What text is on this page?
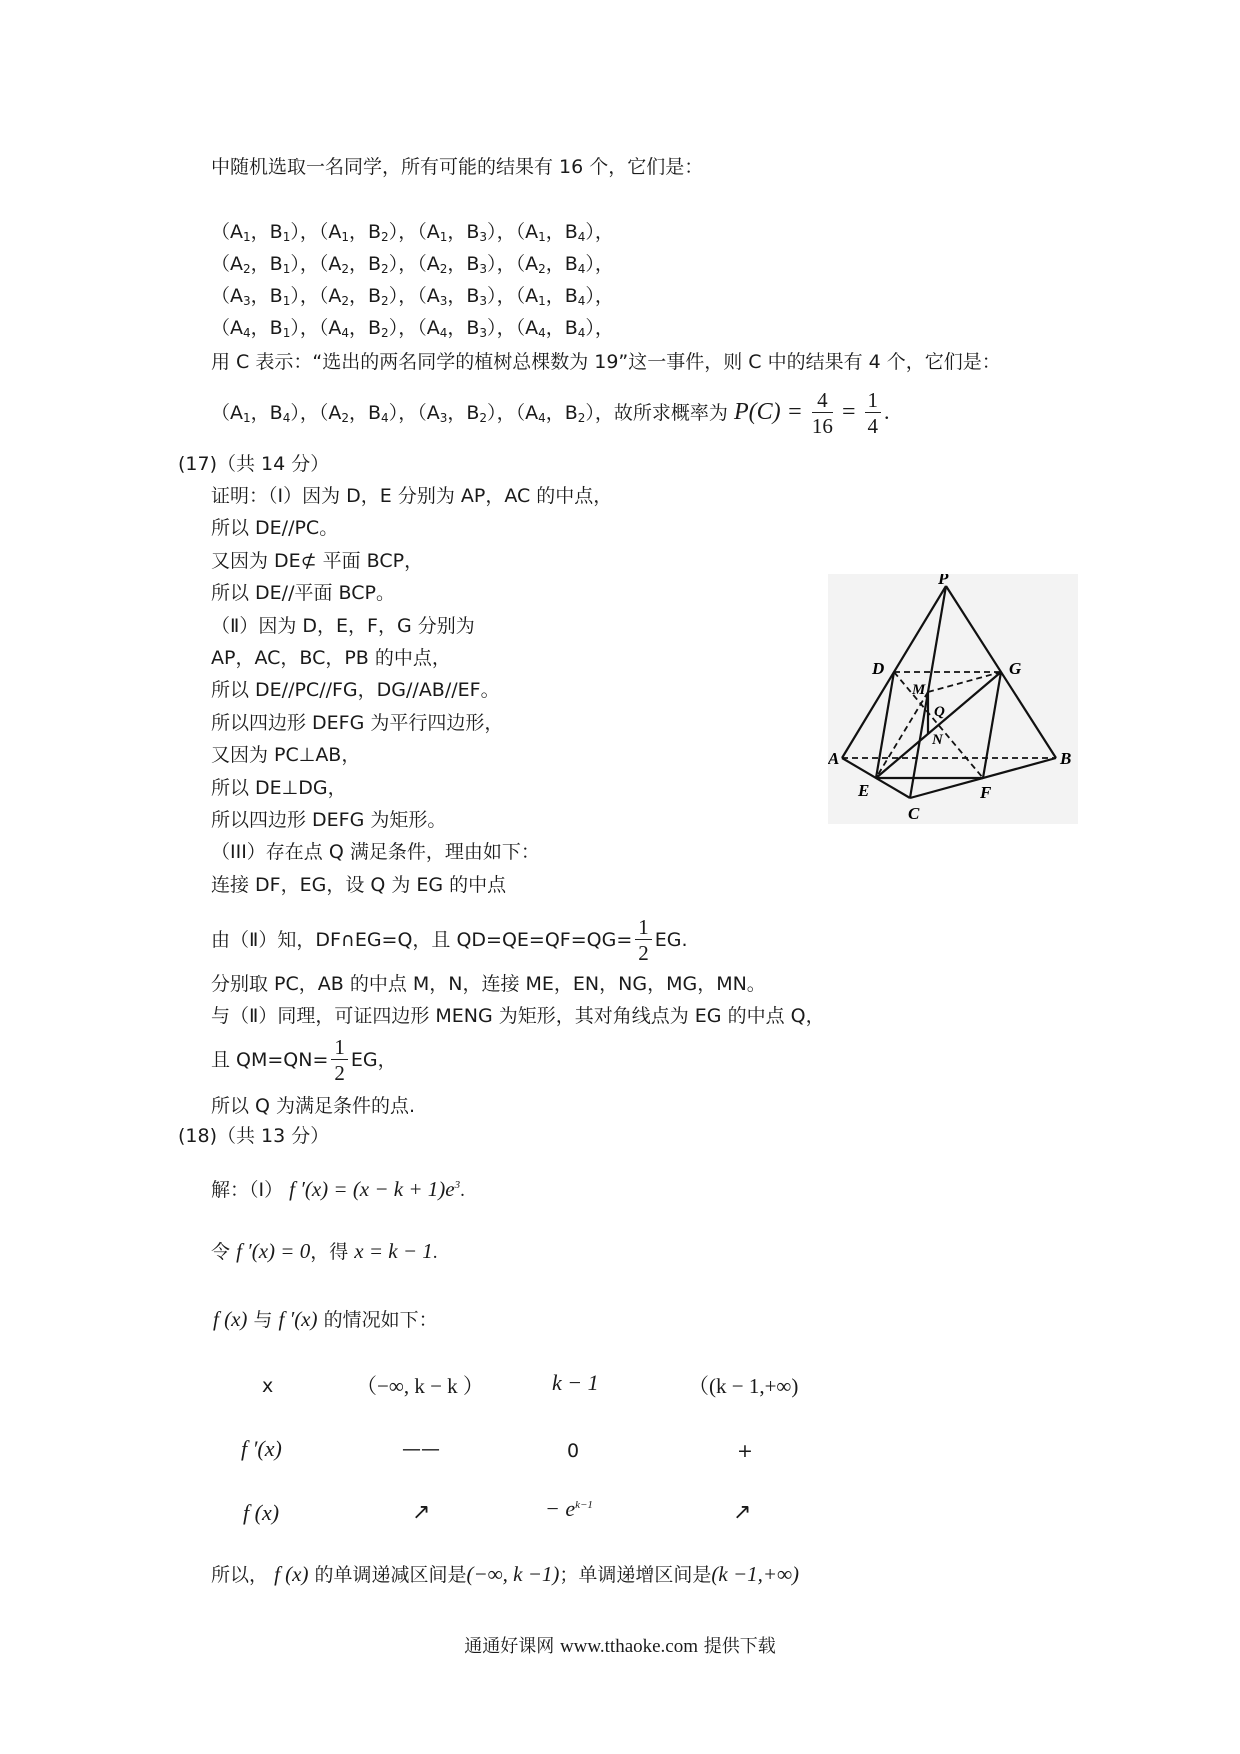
中随机选取一名同学，所有可能的结果有 16 个，它们是：
（$A_1$，$B_1$），（$A_1$，$B_2$），（$A_1$，$B_3$），（$A_1$，$B_4$），
（$A_2$，$B_1$），（$A_2$，$B_2$），（$A_2$，$B_3$），（$A_2$，$B_4$），
（$A_3$，$B_1$），（$A_2$，$B_2$），（$A_3$，$B_3$），（$A_1$，$B_4$），
（$A_4$，$B_1$），（$A_4$，$B_2$），（$A_4$，$B_3$），（$A_4$，$B_4$），
用 C 表示：“选出的两名同学的植树总棵数为 19”这一事件，则 C 中的结果有 4 个，它们是：
（$A_1$，$B_4$），（$A_2$，$B_4$），（$A_3$，$B_2$），（$A_4$，$B_2$），故所求概率为 $P(C) = \frac{4}{16} = \frac{1}{4}$ .
(17)（共 14 分）
证明：（Ⅰ）因为 D，E 分别为 AP，AC 的中点，
所以 DE//PC。
又因为 DE⊄ 平面 BCP，
所以 DE//平面 BCP。
（Ⅱ）因为 D，E，F，G 分别为
AP，AC，BC，PB 的中点，
所以 DE//PC//FG，DG//AB//EF。
所以四边形 DEFG 为平行四边形，
又因为 PC⊥AB，
所以 DE⊥DG，
所以四边形 DEFG 为矩形。
（III）存在点 Q 满足条件，理由如下：
连接 DF，EG，设 Q 为 EG 的中点
由（Ⅱ）知，DF∩EG=Q，且 $QD=QE=QF=QG= \frac{1}{2}$ EG.
分别取 PC，AB 的中点 M，N，连接 ME，EN，NG，MG，MN。
与（Ⅱ）同理，可证四边形 MENG 为矩形，其对角线点为 EG 的中点 Q，
且 $QM=QN= \frac{1}{2}$ EG，
所以 Q 为满足条件的点.
P
D
M
G
Q
N
A	B
E	F
C
(18)（共 13 分）
解：（Ⅰ） f $'(x) = (x - k + 1)e^3$.
令 f ′(x) = 0，得 x = k − 1.
f (x) 与 f ′(x) 的情况如下：
x	（−∞, k − k ）	k − 1	（(k − 1,+∞)
f ′(x)	——	0	+
f (x)	↗	− $e^{k-1}$	↗
所以， f (x) 的单调递减区间是(−∞, k −1)；单调递增区间是(k −1,+∞)
通通好课网 www.tthaoke.com 提供下载
